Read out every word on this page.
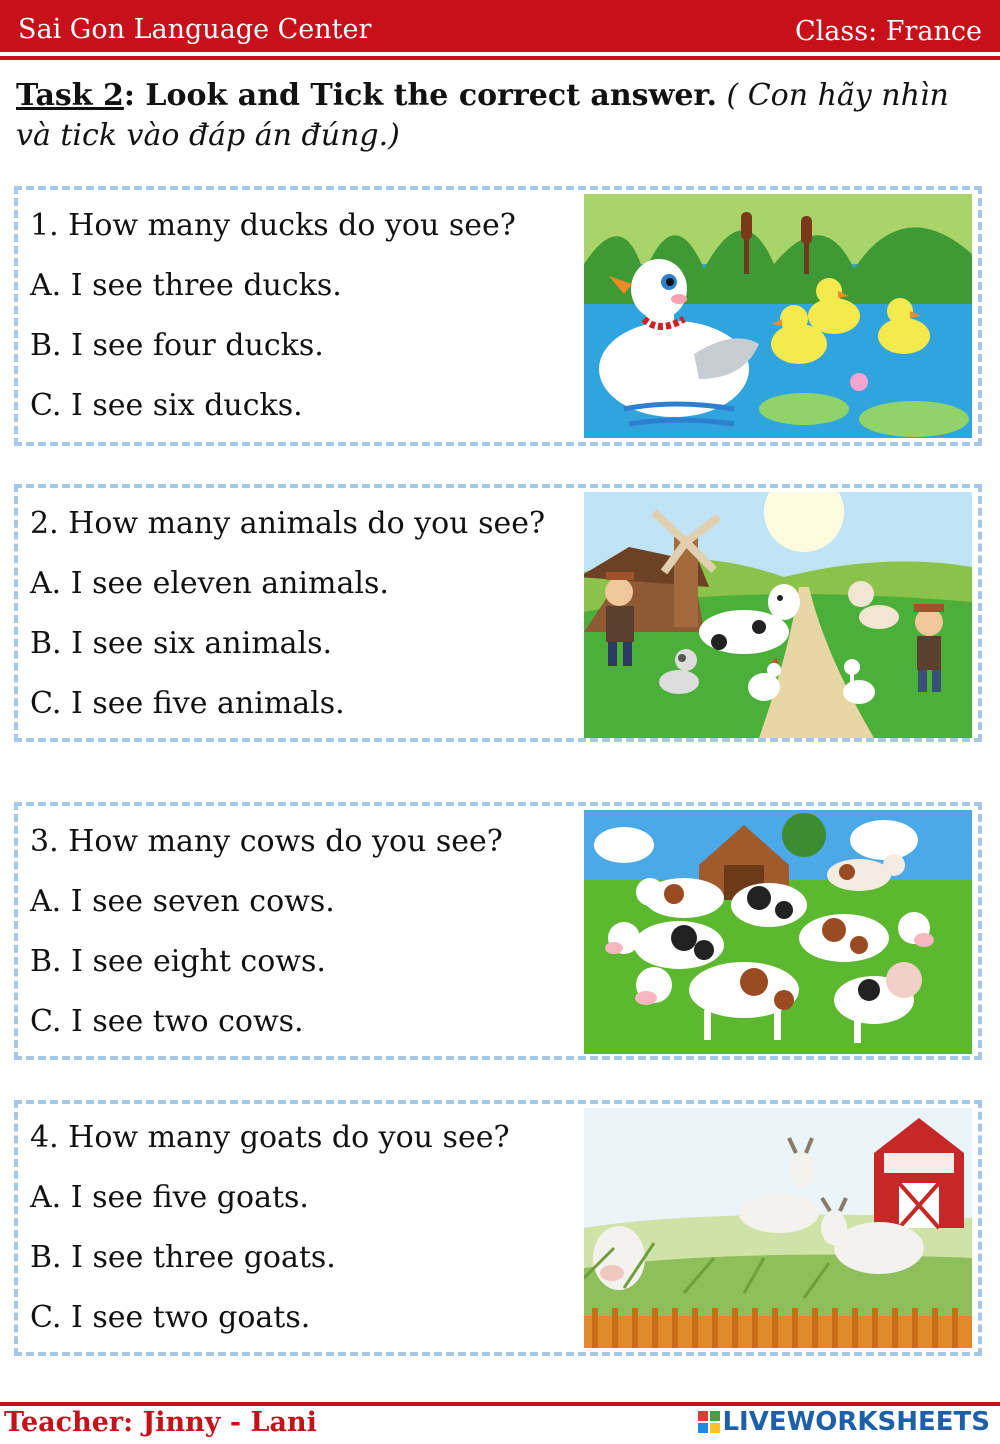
Sai Gon Language Center	Class: France
Task 2: Look and Tick the correct answer. ( Con hãy nhìn và tick vào đáp án đúng.)
1. How many ducks do you see?
A. I see three ducks.
B. I see four ducks.
C. I see six ducks.
2. How many animals do you see?
A. I see eleven animals.
B. I see six animals.
C. I see five animals.
3. How many cows do you see?
A. I see seven cows.
B. I see eight cows.
C. I see two cows.
4. How many goats do you see?
A. I see five goats.
B. I see three goats.
C. I see two goats.
Teacher: Jinny - Lani	LIVEWORKSHEETS
